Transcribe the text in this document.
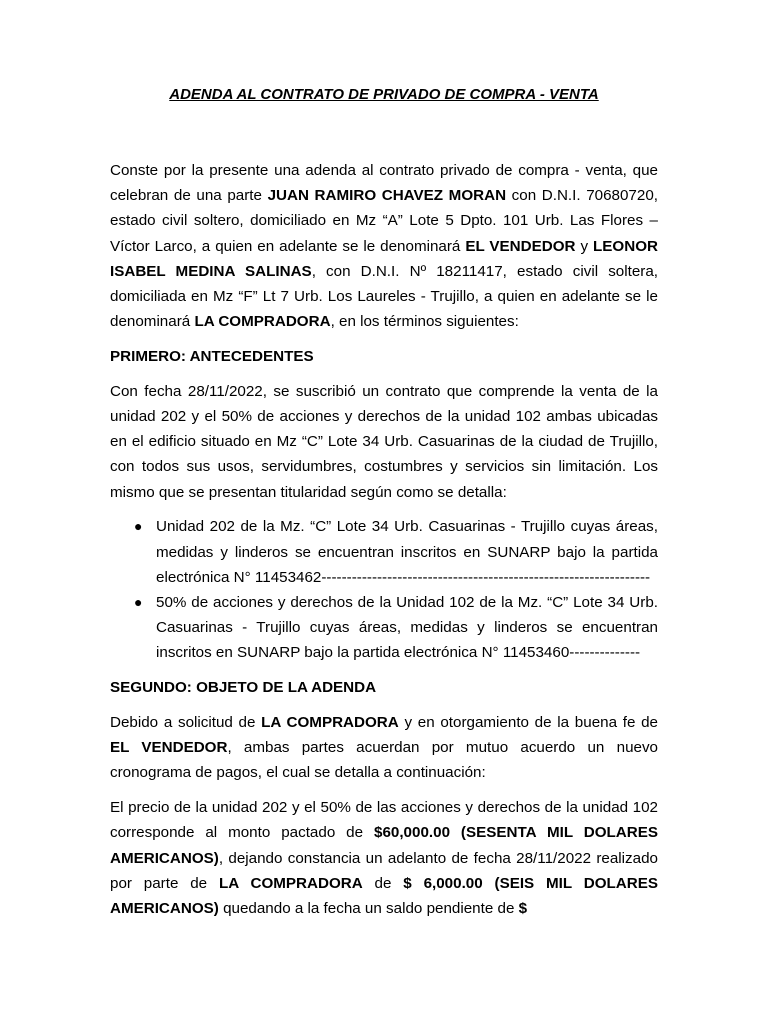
ADENDA AL CONTRATO DE PRIVADO DE COMPRA - VENTA

Conste por la presente una adenda al contrato privado de compra - venta, que celebran de una parte JUAN RAMIRO CHAVEZ MORAN con D.N.I. 70680720, estado civil soltero, domiciliado en Mz “A” Lote 5 Dpto. 101 Urb. Las Flores – Víctor Larco, a quien en adelante se le denominará EL VENDEDOR y LEONOR ISABEL MEDINA SALINAS, con D.N.I. Nº 18211417, estado civil soltera, domiciliada en Mz “F” Lt 7 Urb. Los Laureles - Trujillo, a quien en adelante se le denominará LA COMPRADORA, en los términos siguientes:

PRIMERO: ANTECEDENTES

Con fecha 28/11/2022, se suscribió un contrato que comprende la venta de la unidad 202 y el 50% de acciones y derechos de la unidad 102 ambas ubicadas en el edificio situado en Mz “C” Lote 34 Urb. Casuarinas de la ciudad de Trujillo, con todos sus usos, servidumbres, costumbres y servicios sin limitación. Los mismo que se presentan titularidad según como se detalla:

● Unidad 202 de la Mz. “C” Lote 34 Urb. Casuarinas - Trujillo cuyas áreas, medidas y linderos se encuentran inscritos en SUNARP bajo la partida electrónica N° 11453462-----------------------------------------------------------------
● 50% de acciones y derechos de la Unidad 102 de la Mz. “C” Lote 34 Urb. Casuarinas - Trujillo cuyas áreas, medidas y linderos se encuentran inscritos en SUNARP bajo la partida electrónica N° 11453460--------------

SEGUNDO: OBJETO DE LA ADENDA

Debido a solicitud de LA COMPRADORA y en otorgamiento de la buena fe de EL VENDEDOR, ambas partes acuerdan por mutuo acuerdo un nuevo cronograma de pagos, el cual se detalla a continuación:

El precio de la unidad 202 y el 50% de las acciones y derechos de la unidad 102 corresponde al monto pactado de $60,000.00 (SESENTA MIL DOLARES AMERICANOS), dejando constancia un adelanto de fecha 28/11/2022 realizado por parte de LA COMPRADORA de $ 6,000.00 (SEIS MIL DOLARES AMERICANOS) quedando a la fecha un saldo pendiente de $
